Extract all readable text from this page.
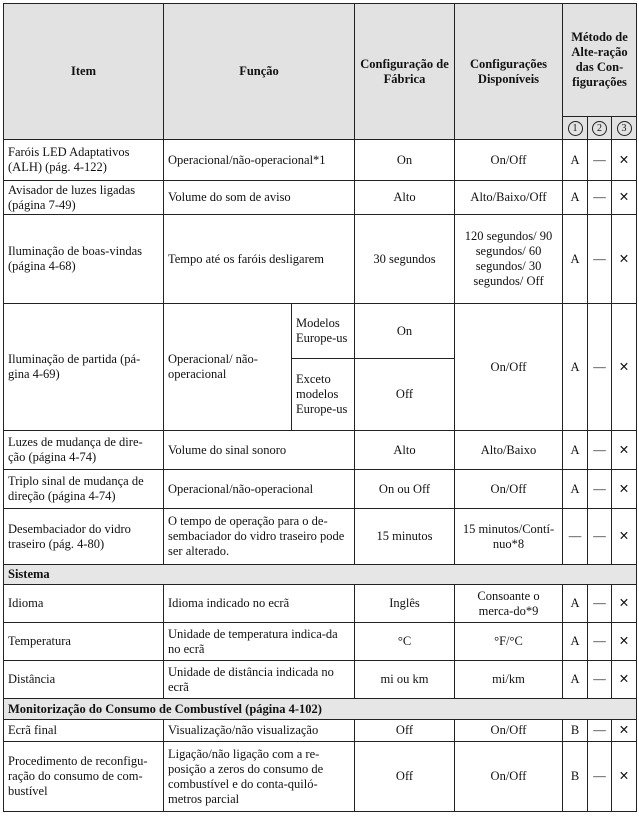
Item	Função		Configuração de Fábrica	Configurações Disponíveis	Método de Alte-ração das Con-figurações		
					1	2	3
Faróis LED Adaptativos (ALH) (pág. 4-122)	Operacional/não-operacional*1		On	On/Off	A	—	✕
Avisador de luzes ligadas (página 7-49)	Volume do som de aviso		Alto	Alto/Baixo/Off	A	—	✕
Iluminação de boas-vindas (página 4-68)	Tempo até os faróis desligarem		30 segundos	120 segundos/ 90 segundos/ 60 segundos/ 30 segundos/ Off	A	—	✕
Iluminação de partida (pá-gina 4-69)	Operacional/ não-operacional	Modelos Europe-us	On	On/Off	A	—	✕
		Exceto modelos Europe-us	Off				
Luzes de mudança de dire-ção (página 4-74)	Volume do sinal sonoro		Alto	Alto/Baixo	A	—	✕
Triplo sinal de mudança de direção (página 4-74)	Operacional/não-operacional		On ou Off	On/Off	A	—	✕
Desembaciador do vidro traseiro (pág. 4-80)	O tempo de operação para o de-sembaciador do vidro traseiro pode ser alterado.		15 minutos	15 minutos/Contí-nuo*8	—	—	✕
Sistema							
Idioma	Idioma indicado no ecrã		Inglês	Consoante o merca-do*9	A	—	✕
Temperatura	Unidade de temperatura indica-da no ecrã		°C	°F/°C	A	—	✕
Distância	Unidade de distância indicada no ecrã		mi ou km	mi/km	A	—	✕
Monitorização do Consumo de Combustível (página 4-102)							
Ecrã final	Visualização/não visualização		Off	On/Off	B	—	✕
Procedimento de reconfigu-ração do consumo de com-bustível	Ligação/não ligação com a re-posição a zeros do consumo de combustível e do conta-quiló-metros parcial		Off	On/Off	B	—	✕
